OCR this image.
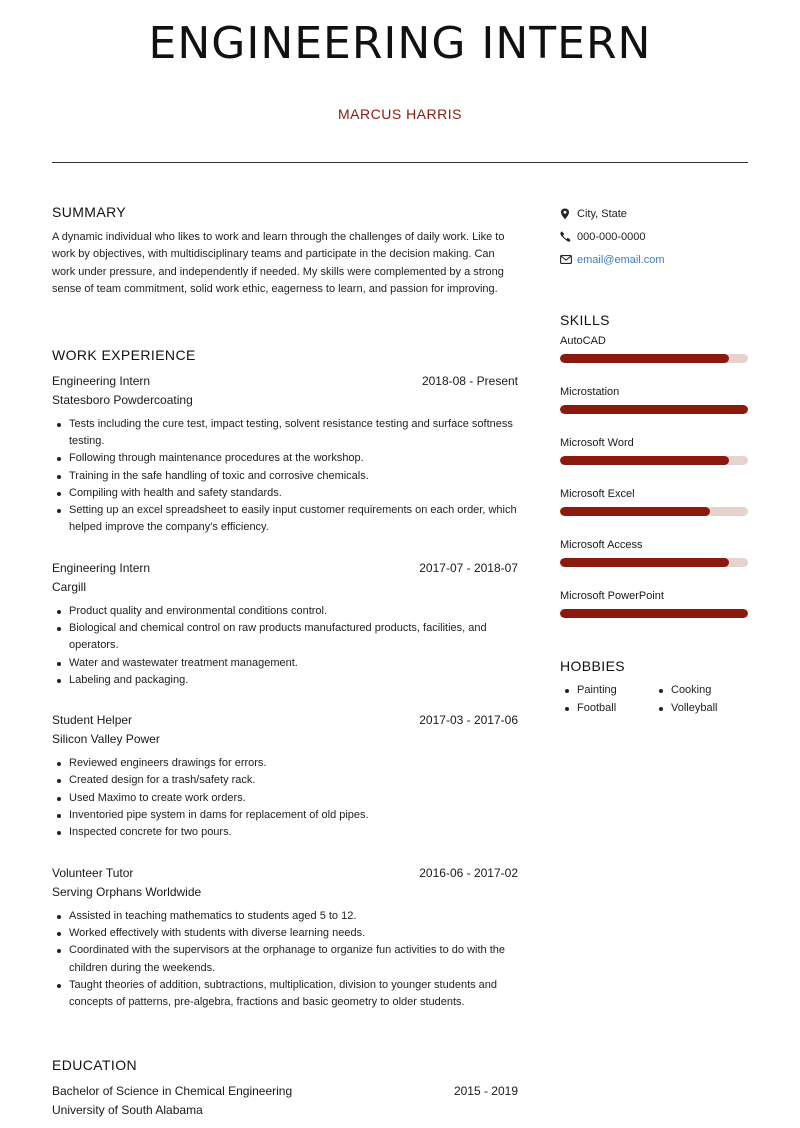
ENGINEERING INTERN
MARCUS HARRIS
SUMMARY

A dynamic individual who likes to work and learn through the challenges of daily work. Like to work by objectives, with multidisciplinary teams and participate in the decision making. Can work under pressure, and independently if needed. My skills were complemented by a strong sense of team commitment, solid work ethic, eagerness to learn, and passion for improving.

WORK EXPERIENCE
Engineering Intern	2018-08 - Present
Statesboro Powdercoating
Tests including the cure test, impact testing, solvent resistance testing and surface softness testing.
Following through maintenance procedures at the workshop.
Training in the safe handling of toxic and corrosive chemicals.
Compiling with health and safety standards.
Setting up an excel spreadsheet to easily input customer requirements on each order, which helped improve the company's efficiency.
Engineering Intern	2017-07 - 2018-07
Cargill
Product quality and environmental conditions control.
Biological and chemical control on raw products manufactured products, facilities, and operators.
Water and wastewater treatment management.
Labeling and packaging.
Student Helper	2017-03 - 2017-06
Silicon Valley Power
Reviewed engineers drawings for errors.
Created design for a trash/safety rack.
Used Maximo to create work orders.
Inventoried pipe system in dams for replacement of old pipes.
Inspected concrete for two pours.
Volunteer Tutor	2016-06 - 2017-02
Serving Orphans Worldwide
Assisted in teaching mathematics to students aged 5 to 12.
Worked effectively with students with diverse learning needs.
Coordinated with the supervisors at the orphanage to organize fun activities to do with the children during the weekends.
Taught theories of addition, subtractions, multiplication, division to younger students and concepts of patterns, pre-algebra, fractions and basic geometry to older students.
EDUCATION
Bachelor of Science in Chemical Engineering	2015 - 2019
University of South Alabama
City, State
000-000-0000
email@email.com
SKILLS
AutoCAD
Microstation
Microsoft Word
Microsoft Excel
Microsoft Access
Microsoft PowerPoint
HOBBIES
Painting	Cooking
Football	Volleyball
